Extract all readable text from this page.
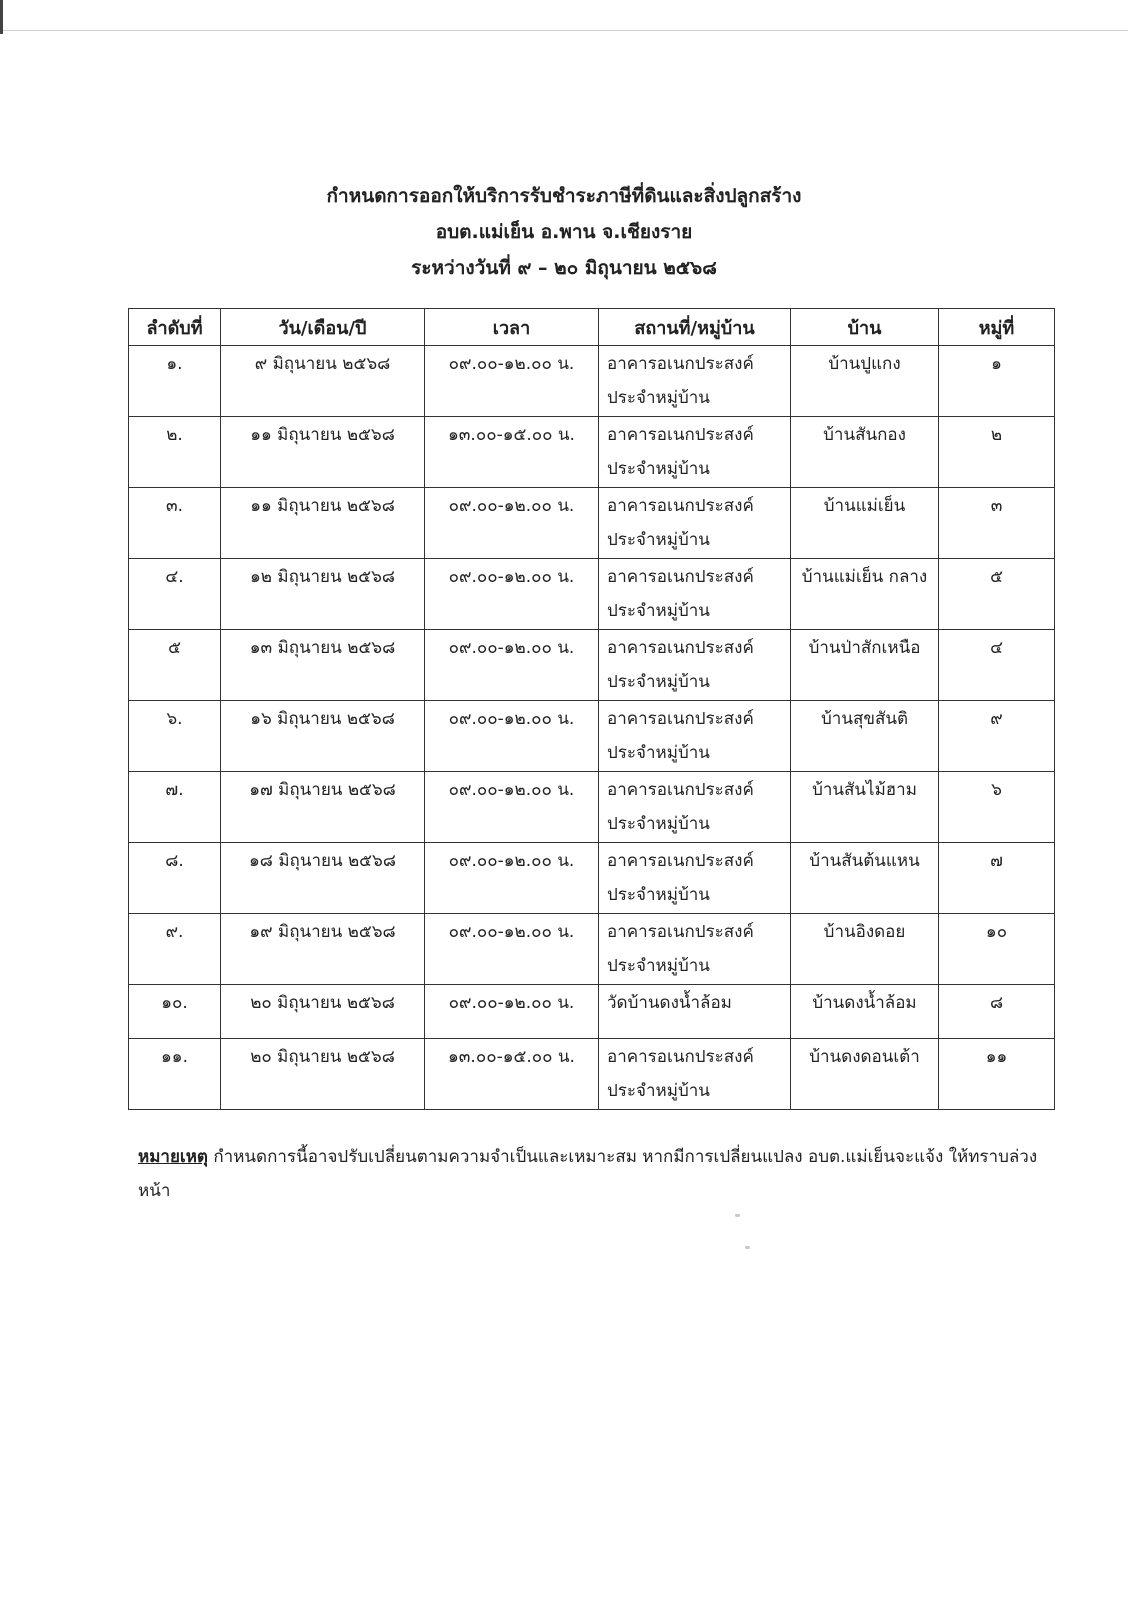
กำหนดการออกให้บริการรับชำระภาษีที่ดินและสิ่งปลูกสร้าง
อบต.แม่เย็น อ.พาน จ.เชียงราย
ระหว่างวันที่ ๙ – ๒๐ มิถุนายน ๒๕๖๘
ลำดับที่	วัน/เดือน/ปี	เวลา	สถานที่/หมู่บ้าน	บ้าน	หมู่ที่
๑.	๙ มิถุนายน ๒๕๖๘	๐๙.๐๐-๑๒.๐๐ น.	อาคารอเนกประสงค์ ประจำหมู่บ้าน	บ้านปูแกง	๑
๒.	๑๑ มิถุนายน ๒๕๖๘	๑๓.๐๐-๑๕.๐๐ น.	อาคารอเนกประสงค์ ประจำหมู่บ้าน	บ้านสันกอง	๒
๓.	๑๑ มิถุนายน ๒๕๖๘	๐๙.๐๐-๑๒.๐๐ น.	อาคารอเนกประสงค์ ประจำหมู่บ้าน	บ้านแม่เย็น	๓
๔.	๑๒ มิถุนายน ๒๕๖๘	๐๙.๐๐-๑๒.๐๐ น.	อาคารอเนกประสงค์ ประจำหมู่บ้าน	บ้านแม่เย็น กลาง	๕
๕	๑๓ มิถุนายน ๒๕๖๘	๐๙.๐๐-๑๒.๐๐ น.	อาคารอเนกประสงค์ ประจำหมู่บ้าน	บ้านป่าสักเหนือ	๔
๖.	๑๖ มิถุนายน ๒๕๖๘	๐๙.๐๐-๑๒.๐๐ น.	อาคารอเนกประสงค์ ประจำหมู่บ้าน	บ้านสุขสันติ	๙
๗.	๑๗ มิถุนายน ๒๕๖๘	๐๙.๐๐-๑๒.๐๐ น.	อาคารอเนกประสงค์ ประจำหมู่บ้าน	บ้านสันไม้ฮาม	๖
๘.	๑๘ มิถุนายน ๒๕๖๘	๐๙.๐๐-๑๒.๐๐ น.	อาคารอเนกประสงค์ ประจำหมู่บ้าน	บ้านสันต้นแหน	๗
๙.	๑๙ มิถุนายน ๒๕๖๘	๐๙.๐๐-๑๒.๐๐ น.	อาคารอเนกประสงค์ ประจำหมู่บ้าน	บ้านอิงดอย	๑๐
๑๐.	๒๐ มิถุนายน ๒๕๖๘	๐๙.๐๐-๑๒.๐๐ น.	วัดบ้านดงน้ำล้อม	บ้านดงน้ำล้อม	๘
๑๑.	๒๐ มิถุนายน ๒๕๖๘	๑๓.๐๐-๑๕.๐๐ น.	อาคารอเนกประสงค์ ประจำหมู่บ้าน	บ้านดงดอนเต้า	๑๑
หมายเหตุ กำหนดการนี้อาจปรับเปลี่ยนตามความจำเป็นและเหมาะสม หากมีการเปลี่ยนแปลง อบต.แม่เย็นจะแจ้ง ให้ทราบล่วงหน้า
